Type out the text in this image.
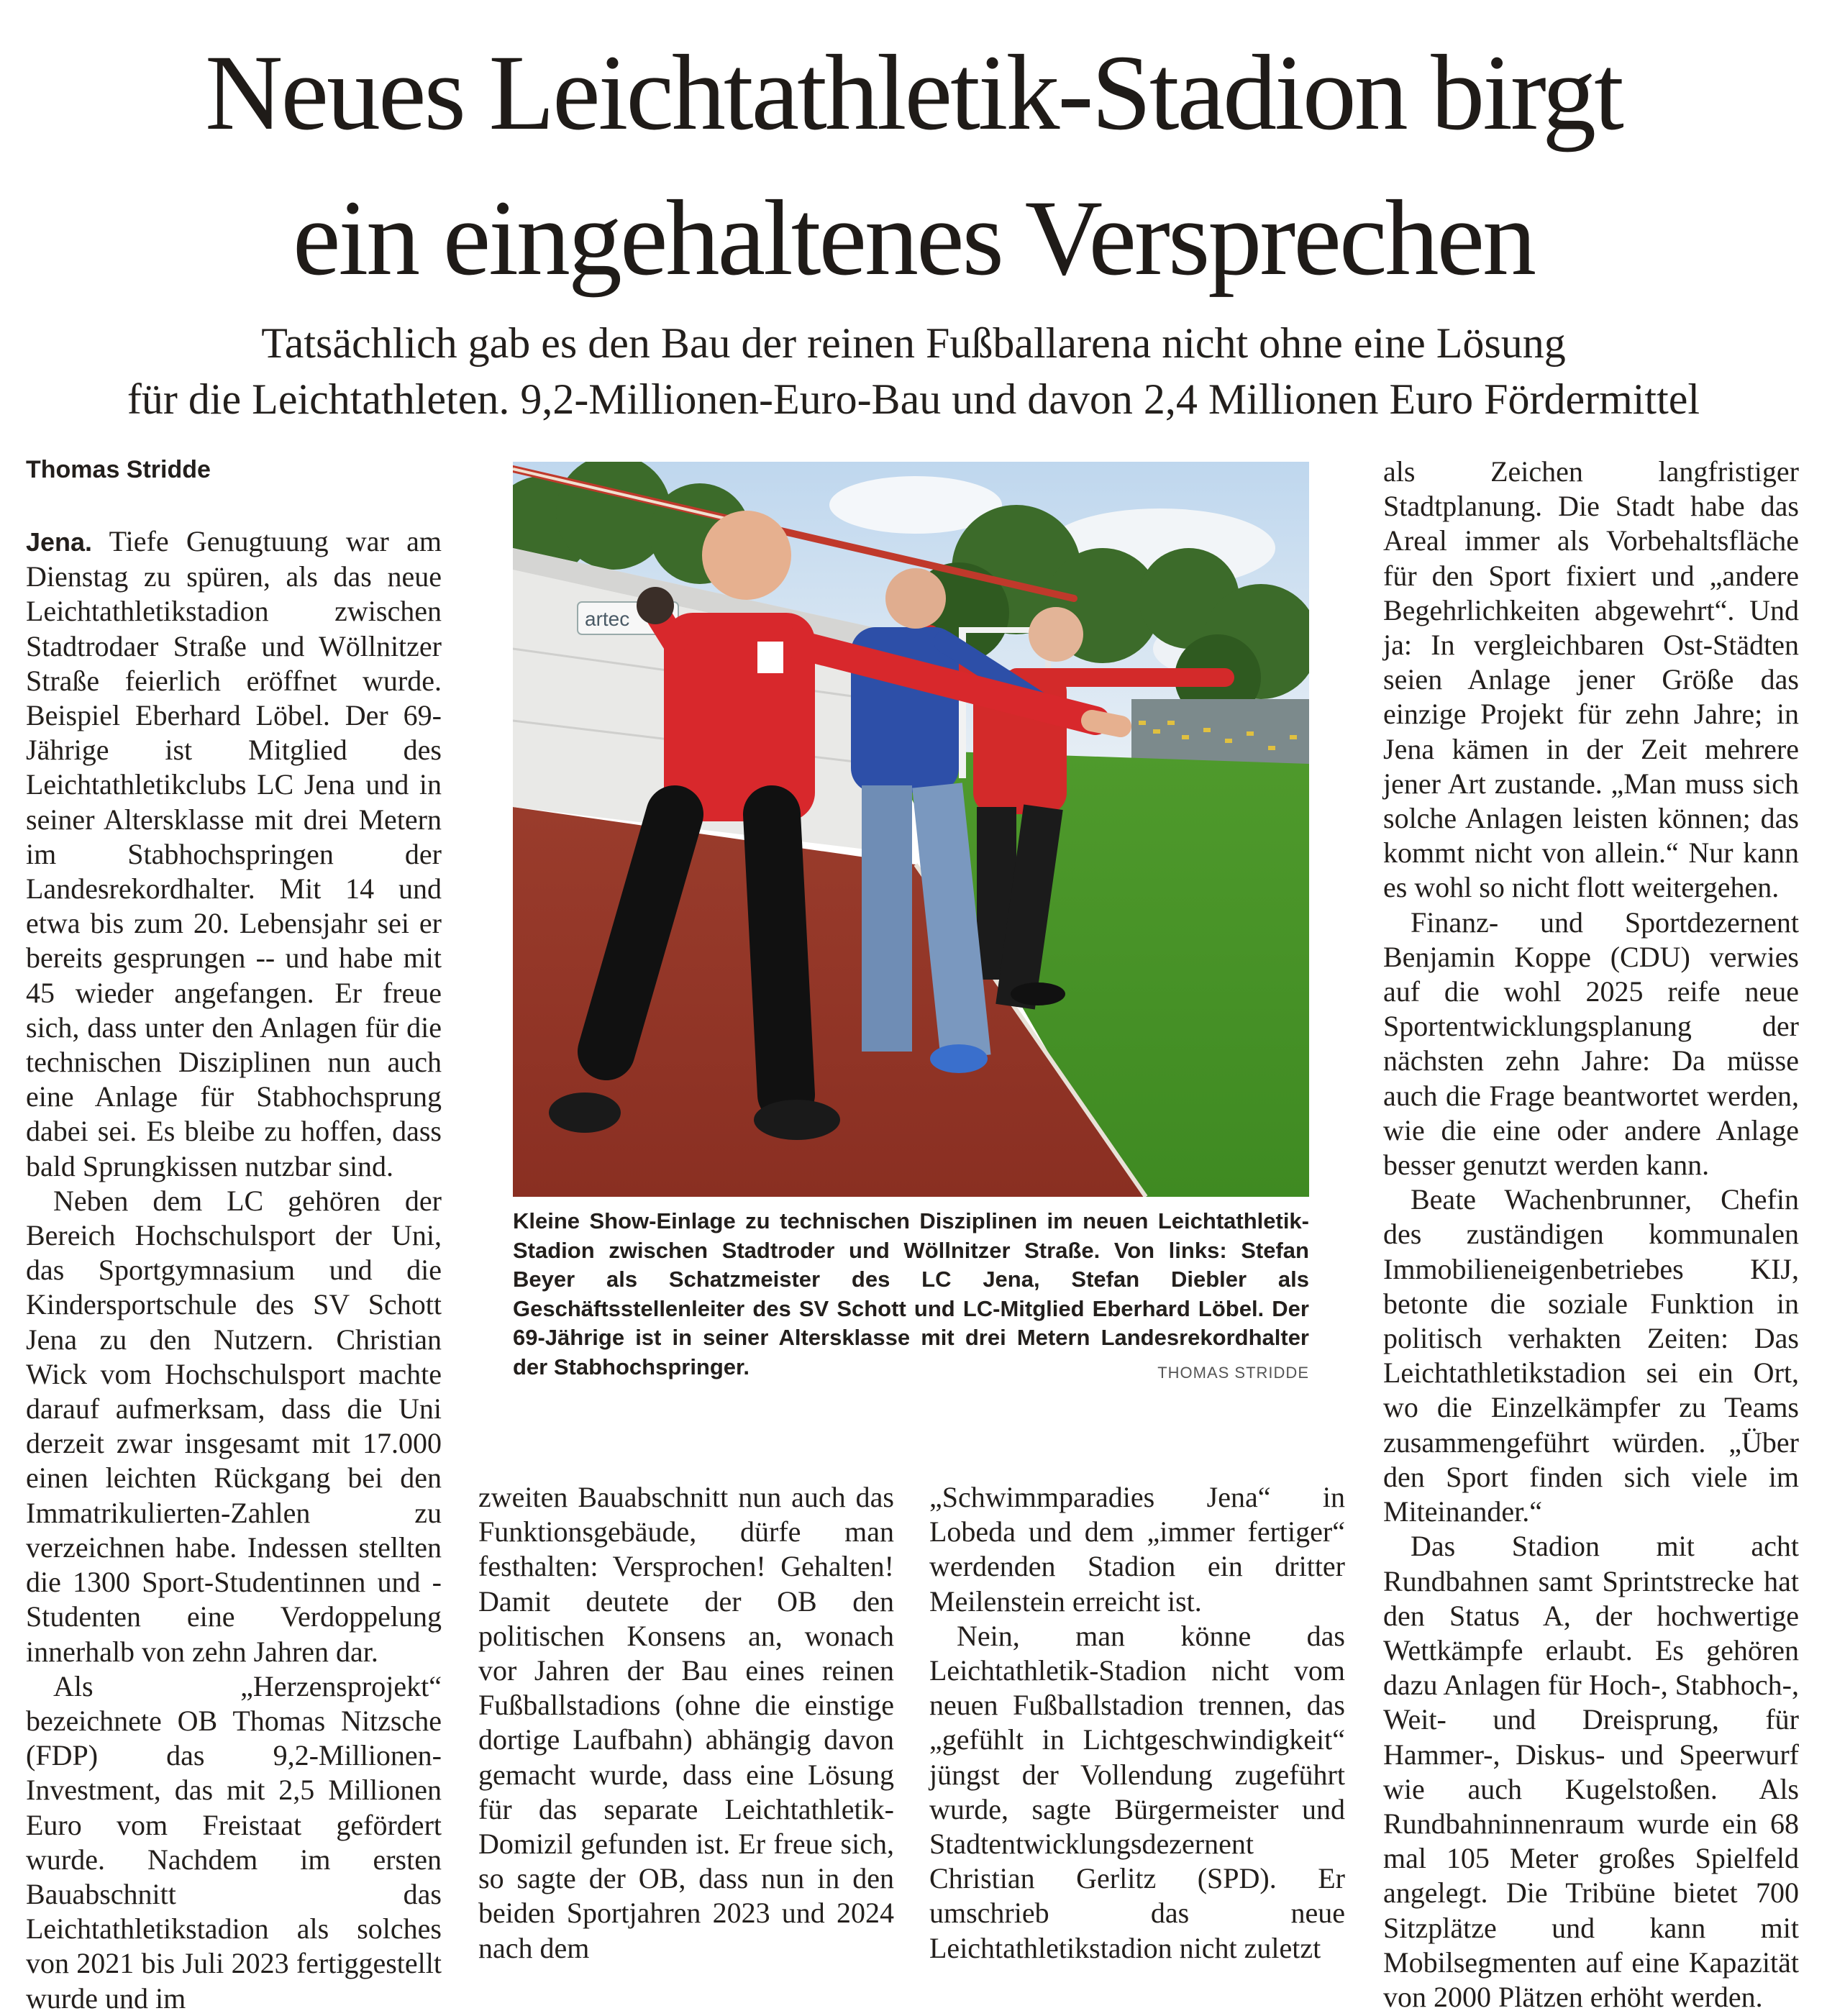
Neues Leichtathletik-Stadion birgt
ein eingehaltenes Versprechen
Tatsächlich gab es den Bau der reinen Fußballarena nicht ohne eine Lösung
für die Leichtathleten. 9,2-Millionen-Euro-Bau und davon 2,4 Millionen Euro Fördermittel

Thomas Stridde

Jena. Tiefe Genugtuung war am Dienstag zu spüren, als das neue Leichtathletikstadion zwischen Stadtrodaer Straße und Wöllnitzer Straße feierlich eröffnet wurde. Beispiel Eberhard Löbel. Der 69-Jährige ist Mitglied des Leichtathletikclubs LC Jena und in seiner Altersklasse mit drei Metern im Stabhochspringen der Landesrekordhalter. Mit 14 und etwa bis zum 20. Lebensjahr sei er bereits gesprungen -- und habe mit 45 wieder angefangen. Er freue sich, dass unter den Anlagen für die technischen Disziplinen nun auch eine Anlage für Stabhochsprung dabei sei. Es bleibe zu hoffen, dass bald Sprungkissen nutzbar sind.

Neben dem LC gehören der Bereich Hochschulsport der Uni, das Sportgymnasium und die Kindersportschule des SV Schott Jena zu den Nutzern. Christian Wick vom Hochschulsport machte darauf aufmerksam, dass die Uni derzeit zwar insgesamt mit 17.000 einen leichten Rückgang bei den Immatrikulierten-Zahlen zu verzeichnen habe. Indessen stellten die 1300 Sport-Studentinnen und -Studenten eine Verdoppelung innerhalb von zehn Jahren dar.

Als „Herzensprojekt“ bezeichnete OB Thomas Nitzsche (FDP) das 9,2-Millionen-Investment, das mit 2,5 Millionen Euro vom Freistaat gefördert wurde. Nachdem im ersten Bauabschnitt das Leichtathletikstadion als solches von 2021 bis Juli 2023 fertiggestellt wurde und im

artec

Kleine Show-Einlage zu technischen Disziplinen im neuen Leichtathletik-Stadion zwischen Stadtroder und Wöllnitzer Straße. Von links: Stefan Beyer als Schatzmeister des LC Jena, Stefan Diebler als Geschäftsstellenleiter des SV Schott und LC-Mitglied Eberhard Löbel. Der 69-Jährige ist in seiner Altersklasse mit drei Metern Landesrekordhalter der Stabhochspringer.	THOMAS STRIDDE

zweiten Bauabschnitt nun auch das Funktionsgebäude, dürfe man festhalten: Versprochen! Gehalten! Damit deutete der OB den politischen Konsens an, wonach vor Jahren der Bau eines reinen Fußballstadions (ohne die einstige dortige Laufbahn) abhängig davon gemacht wurde, dass eine Lösung für das separate Leichtathletik-Domizil gefunden ist. Er freue sich, so sagte der OB, dass nun in den beiden Sportjahren 2023 und 2024 nach dem

„Schwimmparadies Jena“ in Lobeda und dem „immer fertiger“ werdenden Stadion ein dritter Meilenstein erreicht ist.

Nein, man könne das Leichtathletik-Stadion nicht vom neuen Fußballstadion trennen, das „gefühlt in Lichtgeschwindigkeit“ jüngst der Vollendung zugeführt wurde, sagte Bürgermeister und Stadtentwicklungsdezernent Christian Gerlitz (SPD). Er umschrieb das neue Leichtathletikstadion nicht zuletzt

als Zeichen langfristiger Stadtplanung. Die Stadt habe das Areal immer als Vorbehaltsfläche für den Sport fixiert und „andere Begehrlichkeiten abgewehrt“. Und ja: In vergleichbaren Ost-Städten seien Anlage jener Größe das einzige Projekt für zehn Jahre; in Jena kämen in der Zeit mehrere jener Art zustande. „Man muss sich solche Anlagen leisten können; das kommt nicht von allein.“ Nur kann es wohl so nicht flott weitergehen.

Finanz- und Sportdezernent Benjamin Koppe (CDU) verwies auf die wohl 2025 reife neue Sportentwicklungsplanung der nächsten zehn Jahre: Da müsse auch die Frage beantwortet werden, wie die eine oder andere Anlage besser genutzt werden kann.

Beate Wachenbrunner, Chefin des zuständigen kommunalen Immobilieneigenbetriebes KIJ, betonte die soziale Funktion in politisch verhakten Zeiten: Das Leichtathletikstadion sei ein Ort, wo die Einzelkämpfer zu Teams zusammengeführt würden. „Über den Sport finden sich viele im Miteinander.“

Das Stadion mit acht Rundbahnen samt Sprintstrecke hat den Status A, der hochwertige Wettkämpfe erlaubt. Es gehören dazu Anlagen für Hoch-, Stabhoch-, Weit- und Dreisprung, für Hammer-, Diskus- und Speerwurf wie auch Kugelstoßen. Als Rundbahninnenraum wurde ein 68 mal 105 Meter großes Spielfeld angelegt. Die Tribüne bietet 700 Sitzplätze und kann mit Mobilsegmenten auf eine Kapazität von 2000 Plätzen erhöht werden.
